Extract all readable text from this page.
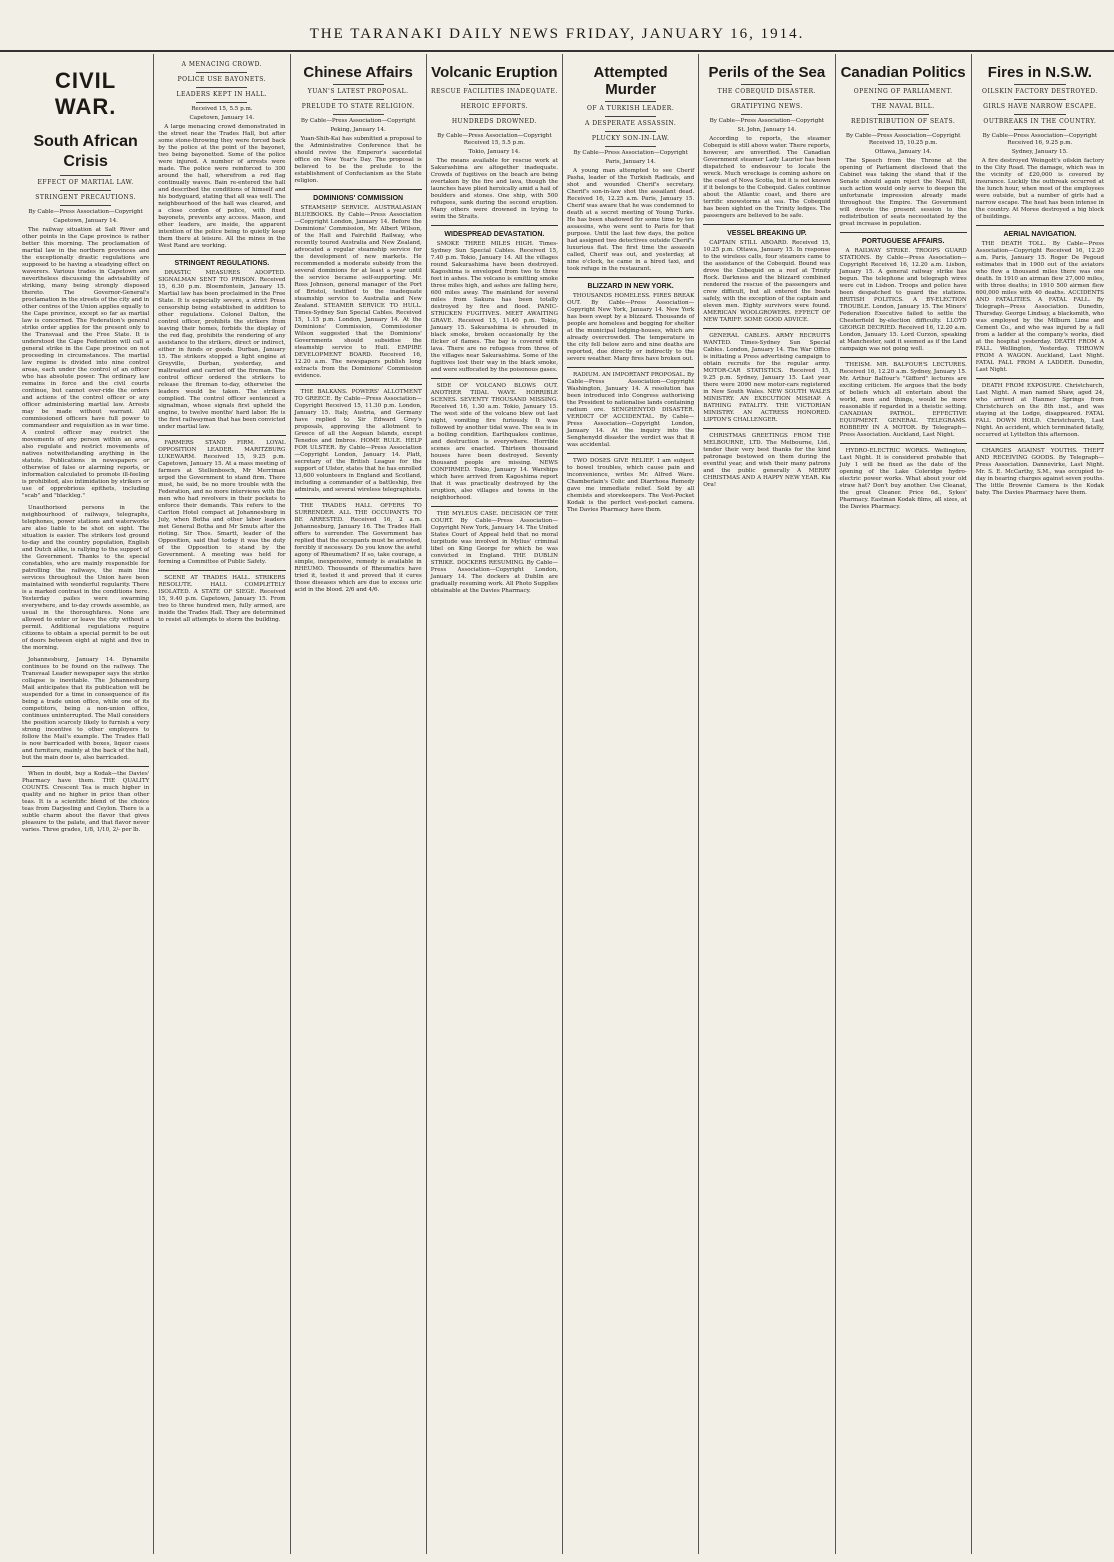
THE TARANAKI DAILY NEWS FRIDAY, JANUARY 16, 1914.
CIVIL WAR.
South African Crisis
EFFECT OF MARTIAL LAW.
STRINGENT PRECAUTIONS.
By Cable—Press Association—Copyright
Capetown, January 14.

The railway situation at Salt River and other points in the Cape province is rather better this morning. The proclamation of martial law in the northern provinces and the exceptionally drastic regulations are supposed to be having a steadying effect on waverers. Various trades in Capetown are nevertheless discussing the advisability of striking, many being strongly disposed thereto. The Governor-General's proclamation in the streets of the city and in other centres of the Union applies equally to the Cape province, except so far as martial law is concerned. The Federation's general strike order applies for the present only to the Transvaal and the Free State. It is understood the Cape Federation will call a general strike in the Cape province on not proceeding in circumstances. The martial law regime is divided into nine control areas, each under the control of an officer who has absolute power. The ordinary law remains in force and the civil courts continue, but cannot over-ride the orders and actions of the control officer or any officer administering martial law. Arrests may be made without warrant. All commissioned officers have full power to commandeer and requisition as in war time. A control officer may restrict the movements of any person within an area, also regulate and restrict movements of natives notwithstanding anything in the statute. Publications in newspapers or otherwise of false or alarming reports, or information calculated to promote ill-feeling is prohibited, also intimidation by strikers or use of opprobrious epithets, including "scab" and "blackleg."

Unauthorised persons in the neighbourhood of railways, telegraphs, telephones, power stations and waterworks are also liable to be shot on sight. The situation is easier. The strikers lost ground to-day and the country population, English and Dutch alike, is rallying to the support of the Government. Thanks to the special constables, who are mainly responsible for patrolling the railways, the main line services throughout the Union have been maintained with wonderful regularity. There is a marked contrast in the conditions here. Yesterday pailes were swarming everywhere, and to-day crowds assemble, as usual in the thoroughfares. None are allowed to enter or leave the city without a permit. Additional regulations require citizens to obtain a special permit to be out of doors between eight at night and five in the morning.

Johannesburg, January 14. Dynamite continues to be found on the railway. The Transvaal Leader newspaper says the strike collapse is inevitable. The Johannesburg Mail anticipates that its publication will be suspended for a time in consequence of its being a trade union office, while one of its competitors, being a non-union office, continues uninterrupted. The Mail considers the position scarcely likely to furnish a very strong incentive to other employers to follow the Mail's example. The Trades Hall is now barricaded with boxes, liquor cases and furniture, mainly at the back of the hall, but the main door is, also barricaded.

When in doubt, buy a Kodak—the Davies' Pharmacy have them. THE QUALITY COUNTS. Crescent Tea is much higher in quality and no higher in price than other teas. It is a scientific blend of the choice teas from Darjeeling and Ceylon. There is a subtle charm about the flavor that gives pleasure to the palate, and that flavor never varies. Three grades, 1/8, 1/10, 2/- per lb.

A MENACING CROWD.
POLICE USE BAYONETS.
LEADERS KEPT IN HALL.
Received 15, 5.5 p.m.
Capetown, January 14.

A large menacing crowd demonstrated in the street near the Trades Hall, but after some stone-throwing they were forced back by the police at the point of the bayonet, two being bayonetted. Some of the police were injured. A number of arrests were made. The police were reinforced to 300 around the hall, wherefrom a red flag continually waves. Bain re-entered the hall and described the conditions of himself and his bodyguard, stating that all was well. The neighbourhood of the hall was cleared, and a close cordon of police, with fixed bayonets, prevents any access. Mason, and other leaders, are inside, the apparent intention of the police being to quietly keep them there at leisure. All the mines in the West Rand are working.

STRINGENT REGULATIONS.

DRASTIC MEASURES ADOPTED. SIGNALMAN SENT TO PRISON. Received 15, 6.30 p.m. Bloemfontein, January 15. Martial law has been proclaimed in the Free State. It is especially severe, a strict Press censorship being established in addition to other regulations. Colonel Dalton, the control officer, prohibits the strikers from leaving their homes, forbids the display of the red flag, prohibits the rendering of any assistance to the strikers, direct or indirect, either in funds or goods. Durban, January 15. The strikers stopped a light engine at Greyville, Durban, yesterday, and maltreated and carried off the fireman. The control officer ordered the strikers to release the fireman to-day, otherwise the leaders would be taken. The strikers complied. The control officer sentenced a signalman, whose signals first upheld the engine, to twelve months' hard labor. He is the first railwayman that has been convicted under martial law.

FARMERS STAND FIRM. LOYAL OPPOSITION LEADER. MARITZBURG LUKEWARM. Received 15, 9.25 p.m. Capetown, January 15. At a mass meeting of farmers at Stellenbosch, Mr Merriman urged the Government to stand firm. There must, he said, be no more trouble with the Federation, and no more interviews with the men who had revolvers in their pockets to enforce their demands. This refers to the Carlton Hotel compact at Johannesburg in July, when Botha and other labor leaders met General Botha and Mr Smuts after the rioting. Sir Thos. Smartt, leader of the Opposition, said that today it was the duty of the Opposition to stand by the Government. A meeting was held for forming a Committee of Public Safety.

SCENE AT TRADES HALL. STRIKERS RESOLUTE. HALL COMPLETELY ISOLATED. A STATE OF SIEGE. Received 15, 9.40 p.m. Capetown, January 15. From two to three hundred men, fully armed, are inside the Trades Hall. They are determined to resist all attempts to storm the building.

Chinese Affairs
YUAN'S LATEST PROPOSAL.
PRELUDE TO STATE RELIGION.
By Cable—Press Association—Copyright
Peking, January 14.

Yuan-Shih-Kai has submitted a proposal to the Administrative Conference that he should revive the Emperor's sacerdotal office on New Year's Day. The proposal is believed to be the prelude to the establishment of Confucianism as the State religion.

DOMINIONS' COMMISSION

STEAMSHIP SERVICE. AUSTRALASIAN BLUEBOOKS. By Cable—Press Association—Copyright London, January 14. Before the Dominions' Commission, Mr. Albert Wilson, of the Hall and Fairchild Railway, who recently toured Australia and New Zealand, advocated a regular steamship service for the development of new markets. He recommended a moderate subsidy from the several dominions for at least a year until the service became self-supporting. Mr. Ross Johnson, general manager of the Port of Bristol, testified to the inadequate steamship service to Australia and New Zealand. STEAMER SERVICE TO HULL. Times-Sydney Sun Special Cables. Received 15, 1.15 p.m. London, January 14. At the Dominions' Commission, Commissioner Wilson suggested that the Dominions' Governments should subsidise the steamship service to Hull. EMPIRE DEVELOPMENT BOARD. Received 16, 12.20 a.m. The newspapers publish long extracts from the Dominions' Commission evidence.

THE BALKANS. POWERS' ALLOTMENT TO GREECE. By Cable—Press Association—Copyright Received 15, 11.30 p.m. London, January 15. Italy, Austria, and Germany have replied to Sir Edward Grey's proposals, approving the allotment to Greece of all the Aegean Islands, except Tenedos and Imbros. HOME RULE. HELP FOR ULSTER. By Cable—Press Association—Copyright London, January 14. Platt, secretary of the British League for the support of Ulster, states that he has enrolled 13,600 volunteers in England and Scotland, including a commander of a battleship, five admirals, and several wireless telegraphists.

THE TRADES HALL OFFERS TO SURRENDER. ALL THE OCCUPANTS TO BE ARRESTED. Received 16, 2 a.m. Johannesburg, January 16. The Trades Hall offers to surrender. The Government has replied that the occupants must be arrested, forcibly if necessary. Do you know the awful agony of Rheumatism? If so, take courage, a simple, inexpensive, remedy is available in RHEUMO. Thousands of Rheumatics have tried it, tested it and proved that it cures those diseases which are due to excess uric acid in the blood. 2/6 and 4/6.

Volcanic Eruption
RESCUE FACILITIES INADEQUATE.
HEROIC EFFORTS.
HUNDREDS DROWNED.
By Cable—Press Association—Copyright Received 15, 5.5 p.m.
Tokio, January 14.

The means available for rescue work at Sakurashima are altogether inadequate. Crowds of fugitives on the beach are being overtaken by the fire and lava, though the launches have plied heroically amid a hail of boulders and stones. One ship, with 500 refugees, sank during the second eruption. Many others were drowned in trying to swim the Straits.

WIDESPREAD DEVASTATION.

SMOKE THREE MILES HIGH. Times-Sydney Sun Special Cables. Received 15, 7.40 p.m. Tokio, January 14. All the villages round Sakurashima have been destroyed. Kagoshima is enveloped from two to three feet in ashes. The volcano is emitting smoke three miles high, and ashes are falling here, 600 miles away. The mainland for several miles from Sakura has been totally destroyed by fire and flood. PANIC-STRICKEN FUGITIVES. MEET AWAITING GRAVE. Received 15, 11.40 p.m. Tokio, January 15. Sakurashima is shrouded in black smoke, broken occasionally by the flicker of flames. The bay is covered with lava. There are no refugees from three of the villages near Sakurashima. Some of the fugitives lost their way in the black smoke, and were suffocated by the poisonous gases.

SIDE OF VOLCANO BLOWS OUT. ANOTHER TIDAL WAVE. HORRIBLE SCENES. SEVENTY THOUSAND MISSING. Received 16, 1.30 a.m. Tokio, January 15. The west side of the volcano blew out last night, vomiting fire furiously. It was followed by another tidal wave. The sea is in a boiling condition. Earthquakes continue, and destruction is everywhere. Horrible scenes are enacted. Thirteen thousand houses have been destroyed. Seventy thousand people are missing. NEWS CONFIRMED. Tokio, January 14. Warships which have arrived from Kagoshima report that it was practically destroyed by the eruption, also villages and towns in the neighborhood.

THE MYLEUS CASE. DECISION OF THE COURT. By Cable—Press Association—Copyright New York, January 14. The United States Court of Appeal held that no moral turpitude was involved in Mylius' criminal libel on King George for which he was convicted in England. THE DUBLIN STRIKE. DOCKERS RESUMING. By Cable—Press Association—Copyright London, January 14. The dockers at Dublin are gradually resuming work. All Photo Supplies obtainable at the Davies Pharmacy.

Attempted Murder
OF A TURKISH LEADER.
A DESPERATE ASSASSIN.
PLUCKY SON-IN-LAW.
By Cable—Press Association—Copyright
Paris, January 14.

A young man attempted to see Cherif Pasha, leader of the Turkish Radicals, and shot and wounded Cherif's secretary. Cherif's son-in-law shot the assailant dead. Received 16, 12.25 a.m. Paris, January 15. Cherif was aware that he was condemned to death at a secret meeting of Young Turks. He has been shadowed for some time by ten assassins, who were sent to Paris for that purpose. Until the last few days, the police had assigned two detectives outside Cherif's luxurious flat. The first time the assassin called, Cherif was out, and yesterday, at nine o'clock, he came in a hired taxi, and took refuge in the restaurant.

BLIZZARD IN NEW YORK.

THOUSANDS HOMELESS. FIRES BREAK OUT. By Cable—Press Association—Copyright New York, January 14. New York has been swept by a blizzard. Thousands of people are homeless and begging for shelter at the municipal lodging-houses, which are already overcrowded. The temperature in the city fell below zero and nine deaths are reported, due directly or indirectly to the severe weather. Many fires have broken out.

RADIUM. AN IMPORTANT PROPOSAL. By Cable—Press Association—Copyright Washington, January 14. A resolution has been introduced into Congress authorising the President to nationalise lands containing radium ore. SENGHENYDD DISASTER. VERDICT OF ACCIDENTAL. By Cable—Press Association—Copyright London, January 14. At the inquiry into the Senghenydd disaster the verdict was that it was accidental.

TWO DOSES GIVE RELIEF. I am subject to bowel troubles, which cause pain and inconvenience, writes Mr. Alfred Ware. Chamberlain's Colic and Diarrhoea Remedy gave me immediate relief. Sold by all chemists and storekeepers. The Vest-Pocket Kodak is the perfect vest-pocket camera. The Davies Pharmacy have them.

Perils of the Sea
THE COBEQUID DISASTER.
GRATIFYING NEWS.
By Cable—Press Association—Copyright
St. John, January 14.

According to reports, the steamer Cobequid is still above water. There reports, however, are unverified. The Canadian Government steamer Lady Laurier has been dispatched to endeavour to locate the wreck. Much wreckage is coming ashore on the coast of Nova Scotia, but it is not known if it belongs to the Cobequid. Gales continue about the Atlantic coast, and there are terrific snowstorms at sea. The Cobequid has been sighted on the Trinity ledges. The passengers are believed to be safe.

VESSEL BREAKING UP.

CAPTAIN STILL ABOARD. Received 15, 10.25 p.m. Ottawa, January 15. In response to the wireless calls, four steamers came to the assistance of the Cobequid. Bound was drove the Cobequid on a reef at Trinity Rock. Darkness and the blizzard combined rendered the rescue of the passengers and crew difficult, but all entered the boats safely, with the exception of the captain and eleven men. Eighty survivors were found. AMERICAN WOOLGROWERS. EFFECT OF NEW TARIFF. SOME GOOD ADVICE.

GENERAL CABLES. ARMY RECRUITS WANTED. Times-Sydney Sun Special Cables. London, January 14. The War Office is initiating a Press advertising campaign to obtain recruits for the regular army. MOTOR-CAR STATISTICS. Received 15, 9.25 p.m. Sydney, January 15. Last year there were 2090 new motor-cars registered in New South Wales. NEW SOUTH WALES MINISTRY. AN EXECUTION MISHAP. A BATHING FATALITY. THE VICTORIAN MINISTRY. AN ACTRESS HONORED. LIPTON'S CHALLENGER.

CHRISTMAS GREETINGS FROM THE MELBOURNE, LTD. The Melbourne, Ltd., tender their very best thanks for the kind patronage bestowed on them during the eventful year, and wish their many patrons and the public generally A MERRY CHRISTMAS AND A HAPPY NEW YEAR. Kia Ora!

Canadian Politics
OPENING OF PARLIAMENT.
THE NAVAL BILL.
REDISTRIBUTION OF SEATS.
By Cable—Press Association—Copyright Received 15, 10.25 p.m.
Ottawa, January 14.

The Speech from the Throne at the opening of Parliament disclosed that the Cabinet was taking the stand that if the Senate should again reject the Naval Bill, such action would only serve to deepen the unfortunate impression already made throughout the Empire. The Government will devote the present session to the redistribution of seats necessitated by the great increase in population.

PORTUGUESE AFFAIRS.

A RAILWAY STRIKE. TROOPS GUARD STATIONS. By Cable—Press Association—Copyright Received 16, 12.20 a.m. Lisbon, January 15. A general railway strike has begun. The telephone and telegraph wires were cut in Lisbon. Troops and police have been despatched to guard the stations. BRITISH POLITICS. A BY-ELECTION TROUBLE. London, January 15. The Miners' Federation Executive failed to settle the Chesterfield by-election difficulty. LLOYD GEORGE DECRIED. Received 16, 12.20 a.m. London, January 15. Lord Curzon, speaking at Manchester, said it seemed as if the Land campaign was not going well.

THEISM. MR. BALFOUR'S LECTURES. Received 16, 12.20 a.m. Sydney, January 15. Mr. Arthur Balfour's "Gifford" lectures are exciting criticism. He argues that the body of beliefs which all entertain about the world, men and things, would be more reasonable if regarded in a theistic setting. CANADIAN PATROL. EFFECTIVE EQUIPMENT. GENERAL TELEGRAMS. ROBBERY IN A MOTOR. By Telegraph—Press Association. Auckland, Last Night.

HYDRO-ELECTRIC WORKS. Wellington, Last Night. It is considered probable that July 1 will be fixed as the date of the opening of the Lake Coleridge hydro-electric power works. What about your old straw hat? Don't buy another. Use Cleanat, the great Cleaner. Price 6d., Sykes' Pharmacy. Eastman Kodak films, all sizes, at the Davies Pharmacy.

Fires in N.S.W.
OILSKIN FACTORY DESTROYED.
GIRLS HAVE NARROW ESCAPE.
OUTBREAKS IN THE COUNTRY.
By Cable—Press Association—Copyright Received 16, 9.25 p.m.
Sydney, January 15.

A fire destroyed Weingott's oilskin factory in the City Road. The damage, which was in the vicinity of £20,000 is covered by insurance. Luckily the outbreak occurred at the lunch hour, when most of the employees were outside, but a number of girls had a narrow escape. The heat has been intense in the country. At Moree destroyed a big block of buildings.

AERIAL NAVIGATION.

THE DEATH TOLL. By Cable—Press Association—Copyright Received 16, 12.20 a.m. Paris, January 15. Roger De Pegoud estimates that in 1900 out of the aviators who flew a thousand miles there was one death. In 1910 an airman flew 27,000 miles, with three deaths; in 1910 500 airmen flew 600,000 miles with 40 deaths. ACCIDENTS AND FATALITIES. A FATAL FALL. By Telegraph—Press Association. Dunedin, Thursday. George Lindsay, a blacksmith, who was employed by the Milburn Lime and Cement Co., and who was injured by a fall from a ladder at the company's works, died at the hospital yesterday. DEATH FROM A FALL. Wellington, Yesterday. THROWN FROM A WAGON. Auckland, Last Night. FATAL FALL FROM A LADDER. Dunedin, Last Night.

DEATH FROM EXPOSURE. Christchurch, Last Night. A man named Shaw, aged 24, who arrived at Hanmer Springs from Christchurch on the 8th inst., and was staying at the Lodge, disappeared. FATAL FALL DOWN HOLD. Christchurch, Last Night. An accident, which terminated fatally, occurred at Lyttelton this afternoon.

CHARGES AGAINST YOUTHS. THEFT AND RECEIVING GOODS. By Telegraph—Press Association. Dannevirke, Last Night. Mr. S. E. McCarthy, S.M., was occupied to-day in hearing charges against seven youths. The little Brownie Camera is the Kodak baby. The Davies Pharmacy have them.
